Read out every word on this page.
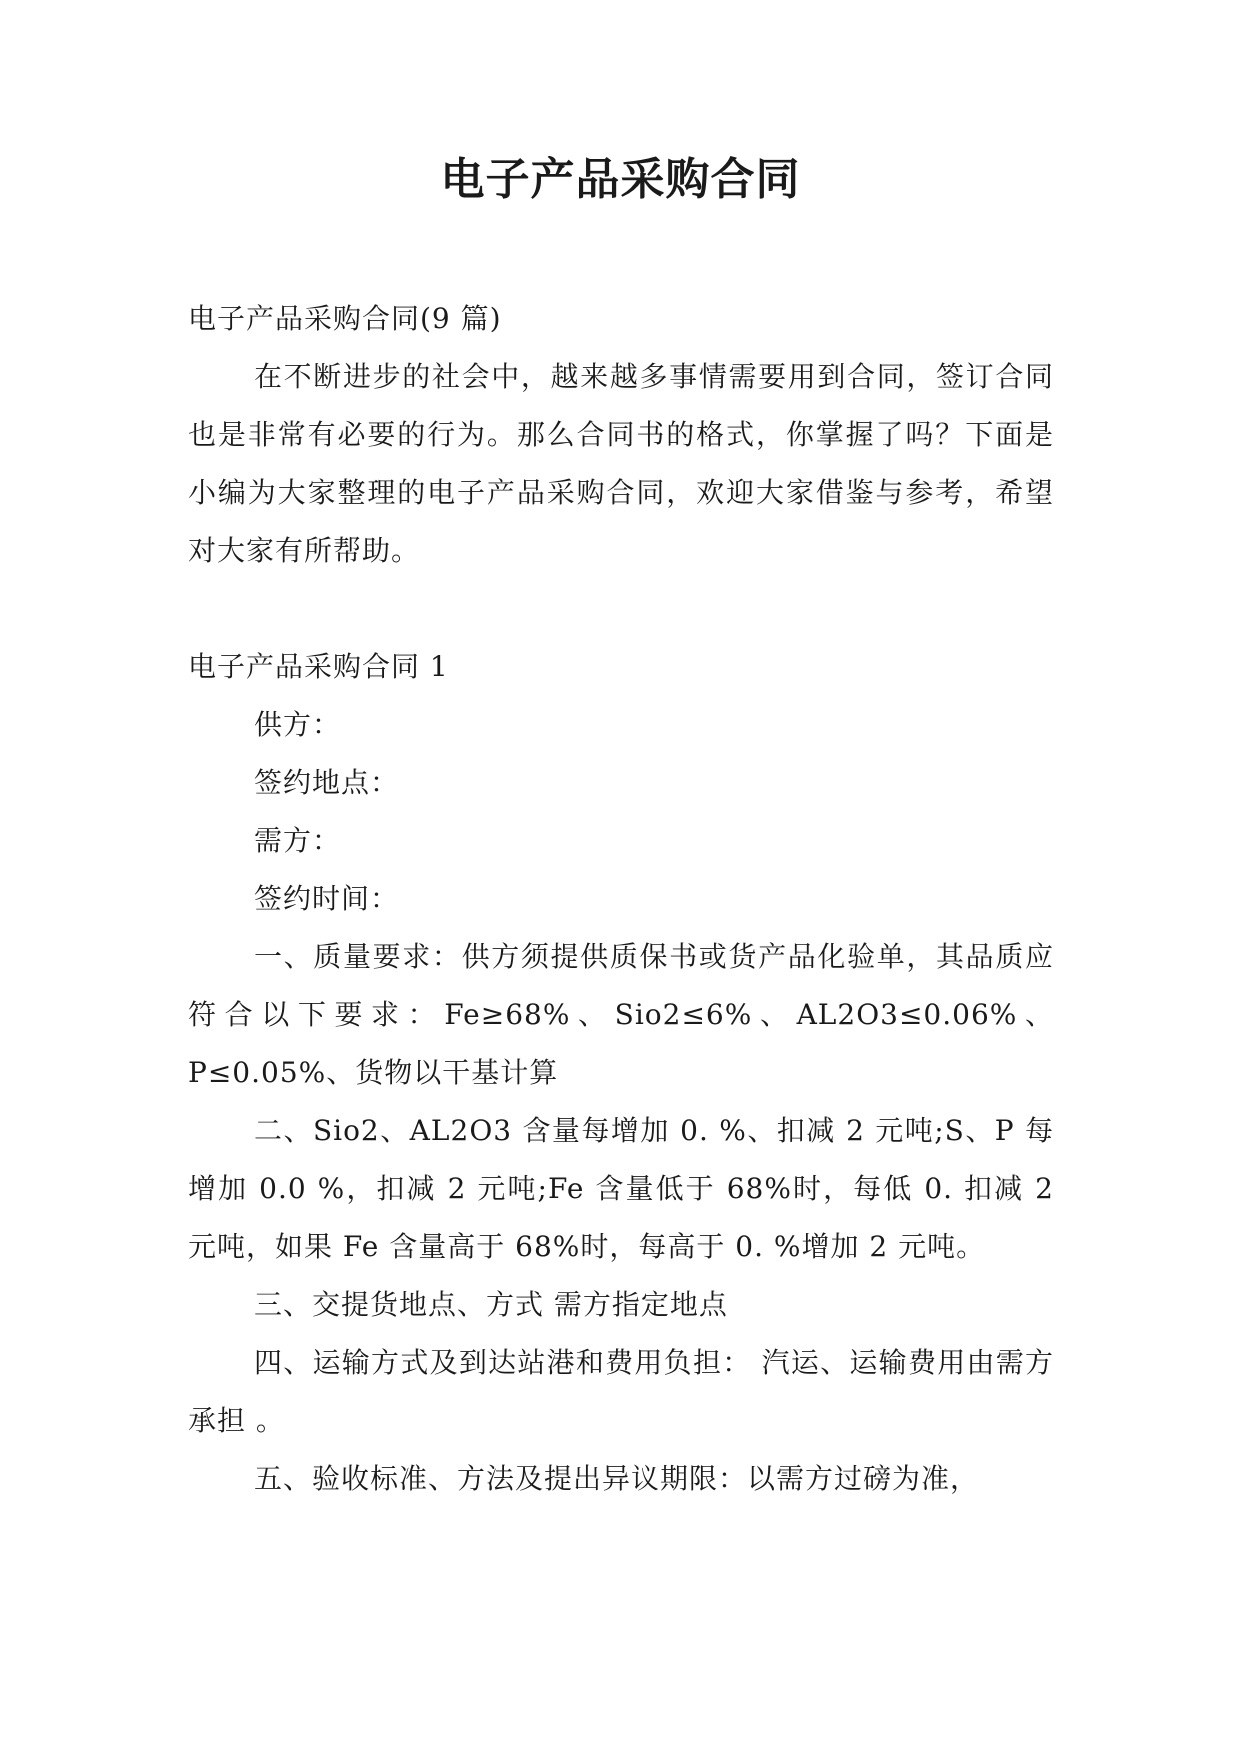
电子产品采购合同

电子产品采购合同(9 篇)

在不断进步的社会中，越来越多事情需要用到合同，签订合同也是非常有必要的行为。那么合同书的格式，你掌握了吗？下面是小编为大家整理的电子产品采购合同，欢迎大家借鉴与参考，希望对大家有所帮助。

电子产品采购合同 1

供方：

签约地点：

需方：

签约时间：

一、质量要求：供方须提供质保书或货产品化验单，其品质应符合以下要求：Fe≥68%、Sio2≤6%、AL2O3≤0.06%、P≤0.05%、货物以干基计算

二、Sio2、AL2O3 含量每增加 0. %、扣减 2 元吨;S、P 每增加 0.0 %，扣减 2 元吨;Fe 含量低于 68%时，每低 0. 扣减 2 元吨，如果 Fe 含量高于 68%时，每高于 0. %增加 2 元吨。

三、交提货地点、方式 需方指定地点

四、运输方式及到达站港和费用负担： 汽运、运输费用由需方承担 。

五、验收标准、方法及提出异议期限：以需方过磅为准，
